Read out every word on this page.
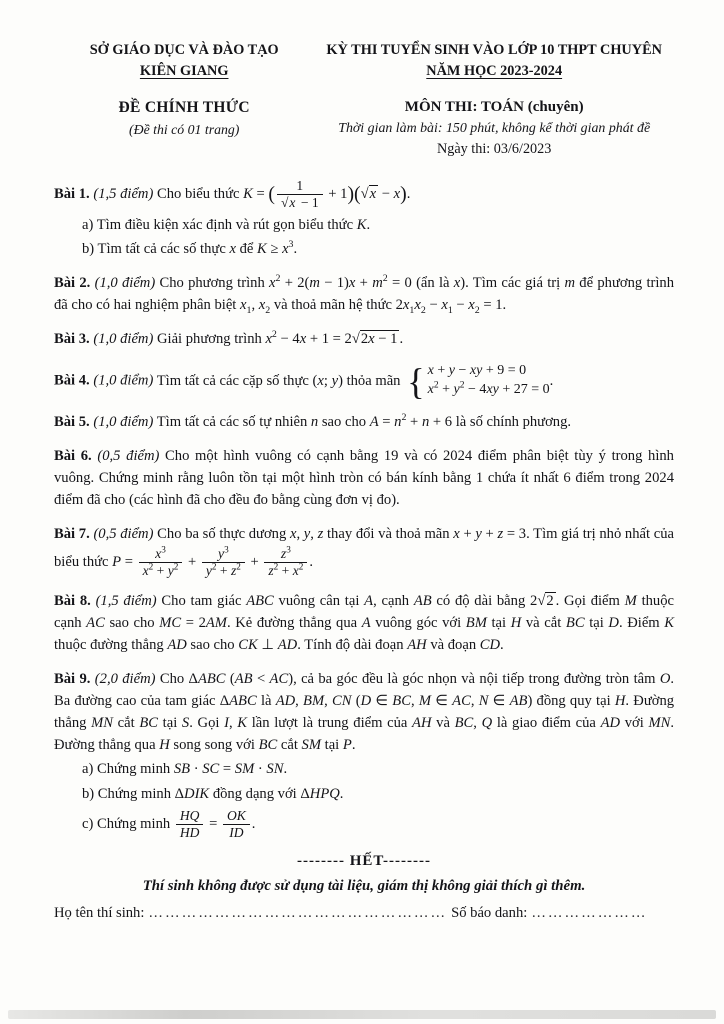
SỞ GIÁO DỤC VÀ ĐÀO TẠO
KIÊN GIANG
ĐỀ CHÍNH THỨC
(Đề thi có 01 trang)
KỲ THI TUYỂN SINH VÀO LỚP 10 THPT CHUYÊN
NĂM HỌC 2023-2024
MÔN THI: TOÁN (chuyên)
Thời gian làm bài: 150 phút, không kể thời gian phát đề
Ngày thi: 03/6/2023

Bài 1. (1,5 điểm) Cho biểu thức K = ( $\frac{1}{√x - 1} + 1)(√x - x)$.

a) Tìm điều kiện xác định và rút gọn biểu thức K.

b) Tìm tất cả các số thực x để $K \ge x^3$.

Bài 2. (1,0 điểm) Cho phương trình $x^2 + 2(m - 1)x + m^2 = 0$ (ẩn là x). Tìm các giá trị m để phương trình đã cho có hai nghiệm phân biệt $x_1$, $x_2$ và thoả mãn hệ thức $2x_1x_2 - x_1 - x_2 = 1$.

Bài 3. (1,0 điểm) Giải phương trình $x^2 - 4x + 1 = 2√2x - 1$ .

Bài 4. (1,0 điểm) Tìm tất cả các cặp số thực (x; y) thỏa mãn { x + y − xy + 9 = 0
$x^2 + y^2 - 4xy + 27 = 0$
.

Bài 5. (1,0 điểm) Tìm tất cả các số tự nhiên n sao cho $A = n^2 + n + 6$ là số chính phương.

Bài 6. (0,5 điểm) Cho một hình vuông có cạnh bằng 19 và có 2024 điểm phân biệt tùy ý trong hình vuông. Chứng minh rằng luôn tồn tại một hình tròn có bán kính bằng 1 chứa ít nhất 6 điểm trong 2024 điểm đã cho (các hình đã cho đều đo bằng cùng đơn vị đo).

Bài 7. (0,5 điểm) Cho ba số thực dương x, y, z thay đổi và thoả mãn x + y + z = 3. Tìm giá trị nhỏ nhất của biểu thức $P = \frac{x^3}{x^2 + y^2} + \frac{y^3}{y^2 + z^2} + \frac{z^3}{z^2 + x^2}$ .

Bài 8. (1,5 điểm) Cho tam giác ABC vuông cân tại A, cạnh AB có độ dài bằng 2√2 . Gọi điểm M thuộc cạnh AC sao cho MC = 2AM. Kẻ đường thẳng qua A vuông góc với BM tại H và cắt BC tại D. Điểm K thuộc đường thẳng AD sao cho CK ⊥ AD. Tính độ dài đoạn AH và đoạn CD.

Bài 9. (2,0 điểm) Cho ΔABC (AB < AC), cả ba góc đều là góc nhọn và nội tiếp trong đường tròn tâm O. Ba đường cao của tam giác ΔABC là AD, BM, CN (D ∈ BC, M ∈ AC, N ∈ AB) đồng quy tại H. Đường thẳng MN cắt BC tại S. Gọi I, K lần lượt là trung điểm của AH và BC, Q là giao điểm của AD với MN. Đường thẳng qua H song song với BC cắt SM tại P.

a) Chứng minh SB · SC = SM · SN.

b) Chứng minh ΔDIK đồng dạng với ΔHPQ.

c) Chứng minh $\frac{HQ}{HD} = \frac{OK}{ID}$ .

-------- HẾT--------
Thí sinh không được sử dụng tài liệu, giám thị không giải thích gì thêm.
Họ tên thí sinh: ……………………………………………… Số báo danh: …………………
